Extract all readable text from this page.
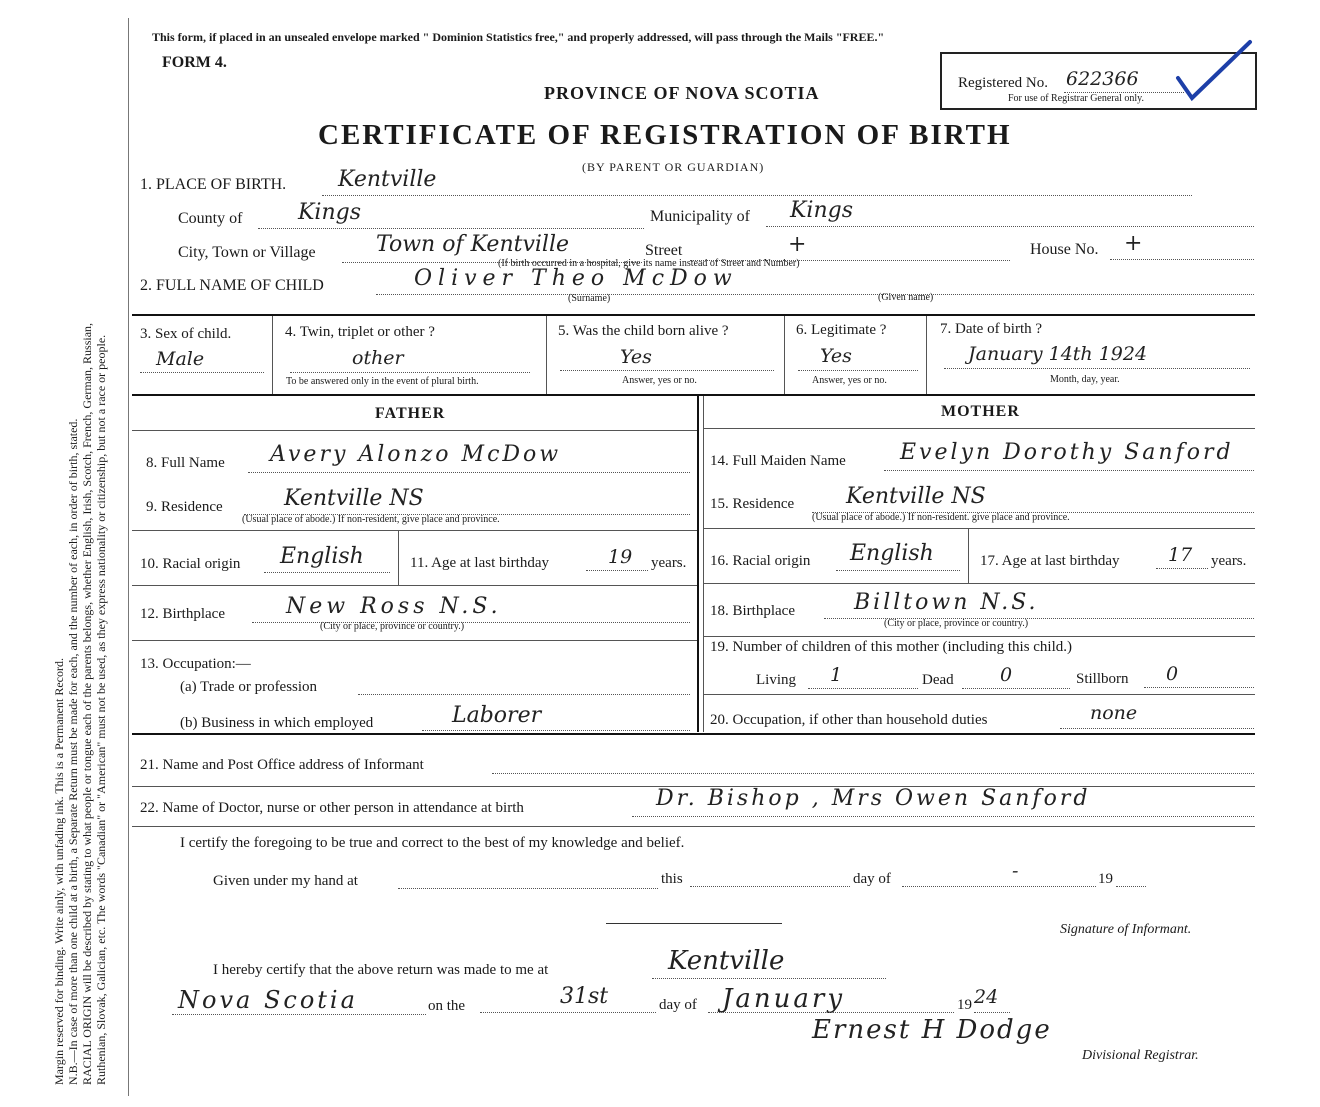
Margin reserved for binding. Write ainly, with unfading ink. This is a Permanent Record. N.B.—In case of more than one child at a birth, a Separate Return must be made for each, and the number of each, in order of birth, stated. RACIAL ORIGIN will be described by stating to what people or tongue each of the parents belongs, whether English, Irish, Scotch, French, German, Russian, Ruthenian, Slovak, Galician, etc. The words "Canadian" or "American" must not be used, as they express nationality or citizenship, but not a race or people.
This form, if placed in an unsealed envelope marked " Dominion Statistics free," and properly addressed, will pass through the Mails "FREE."
FORM 4.
PROVINCE OF NOVA SCOTIA
CERTIFICATE OF REGISTRATION OF BIRTH
(BY PARENT OR GUARDIAN)
Registered No. 622366
For use of Registrar General only.
1. PLACE OF BIRTH. Kentville
County of	Kings	Municipality of Kings
City, Town or Village	Town of Kentville	Street	+	House No. +
(If birth occurred in a hospital, give its name instead of Street and Number)
2. FULL NAME OF CHILD	Oliver Theo McDow
(Surname)	(Given name)
3. Sex of child.
Male
4. Twin, triplet or other ?
other
To be answered only in the event of plural birth.
5. Was the child born alive ?
Yes
Answer, yes or no.
6. Legitimate ?
Yes
Answer, yes or no.
7. Date of birth ?
January 14th 1924
Month, day, year.
FATHER	MOTHER
8. Full Name Avery Alonzo McDow
9. Residence	Kentville NS
(Usual place of abode.) If non-resident, give place and province.
10. Racial origin English	11. Age at last birthday	19 years.
12. Birthplace	New Ross N.S.
(City or place, province or country.)
13. Occupation:—
(a) Trade or profession
(b) Business in which employed	Laborer
14. Full Maiden Name Evelyn Dorothy Sanford
15. Residence Kentville NS
(Usual place of abode.) If non-resident. give place and province.
16. Racial origin English	17. Age at last birthday	17 years.
18. Birthplace	Billtown N.S.
(City or place, province or country.)
19. Number of children of this mother (including this child.)
Living 1	Dead 0	Stillborn 0
20. Occupation, if other than household duties	none
21. Name and Post Office address of Informant
22. Name of Doctor, nurse or other person in attendance at birth	Dr. Bishop , Mrs Owen Sanford
I certify the foregoing to be true and correct to the best of my knowledge and belief.
Given under my hand at	this	day of	-	19
Signature of Informant.
I hereby certify that the above return was made to me at	Kentville
Nova Scotia	on the	31st	day of January	19 24
Ernest H Dodge
Divisional Registrar.
